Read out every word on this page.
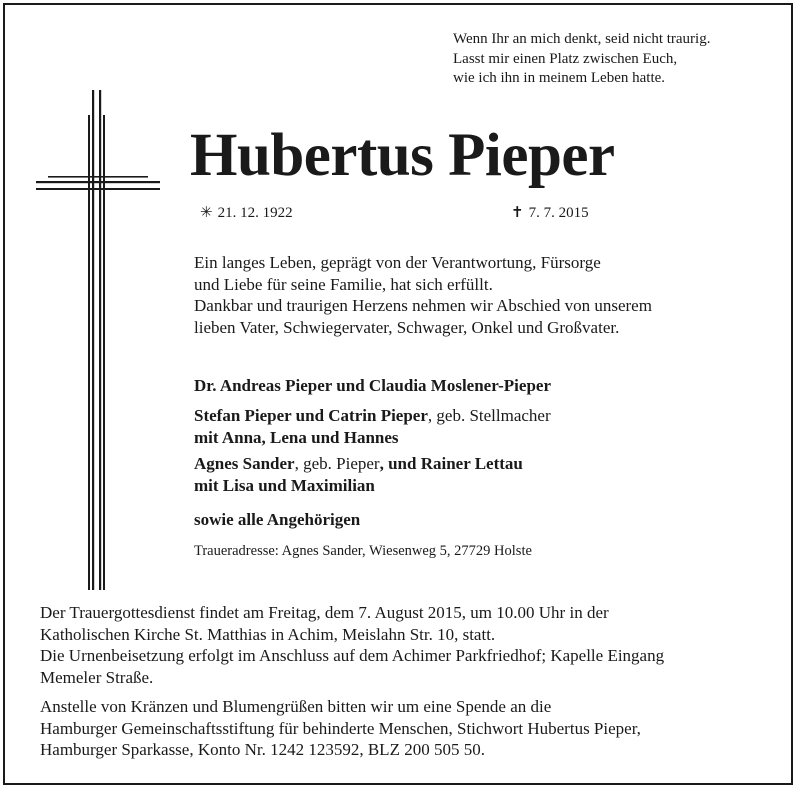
Wenn Ihr an mich denkt, seid nicht traurig.
Lasst mir einen Platz zwischen Euch,
wie ich ihn in meinem Leben hatte.
Hubertus Pieper
✳ 21. 12. 1922	✝ 7. 7. 2015
Ein langes Leben, geprägt von der Verantwortung, Fürsorge
und Liebe für seine Familie, hat sich erfüllt.
Dankbar und traurigen Herzens nehmen wir Abschied von unserem
lieben Vater, Schwiegervater, Schwager, Onkel und Großvater.
Dr. Andreas Pieper und Claudia Moslener-Pieper
Stefan Pieper und Catrin Pieper, geb. Stellmacher
mit Anna, Lena und Hannes
Agnes Sander, geb. Pieper, und Rainer Lettau
mit Lisa und Maximilian
sowie alle Angehörigen
Traueradresse: Agnes Sander, Wiesenweg 5, 27729 Holste
Der Trauergottesdienst findet am Freitag, dem 7. August 2015, um 10.00 Uhr in der
Katholischen Kirche St. Matthias in Achim, Meislahn Str. 10, statt.
Die Urnenbeisetzung erfolgt im Anschluss auf dem Achimer Parkfriedhof; Kapelle Eingang
Memeler Straße.
Anstelle von Kränzen und Blumengrüßen bitten wir um eine Spende an die
Hamburger Gemeinschaftsstiftung für behinderte Menschen, Stichwort Hubertus Pieper,
Hamburger Sparkasse, Konto Nr. 1242 123592, BLZ 200 505 50.
